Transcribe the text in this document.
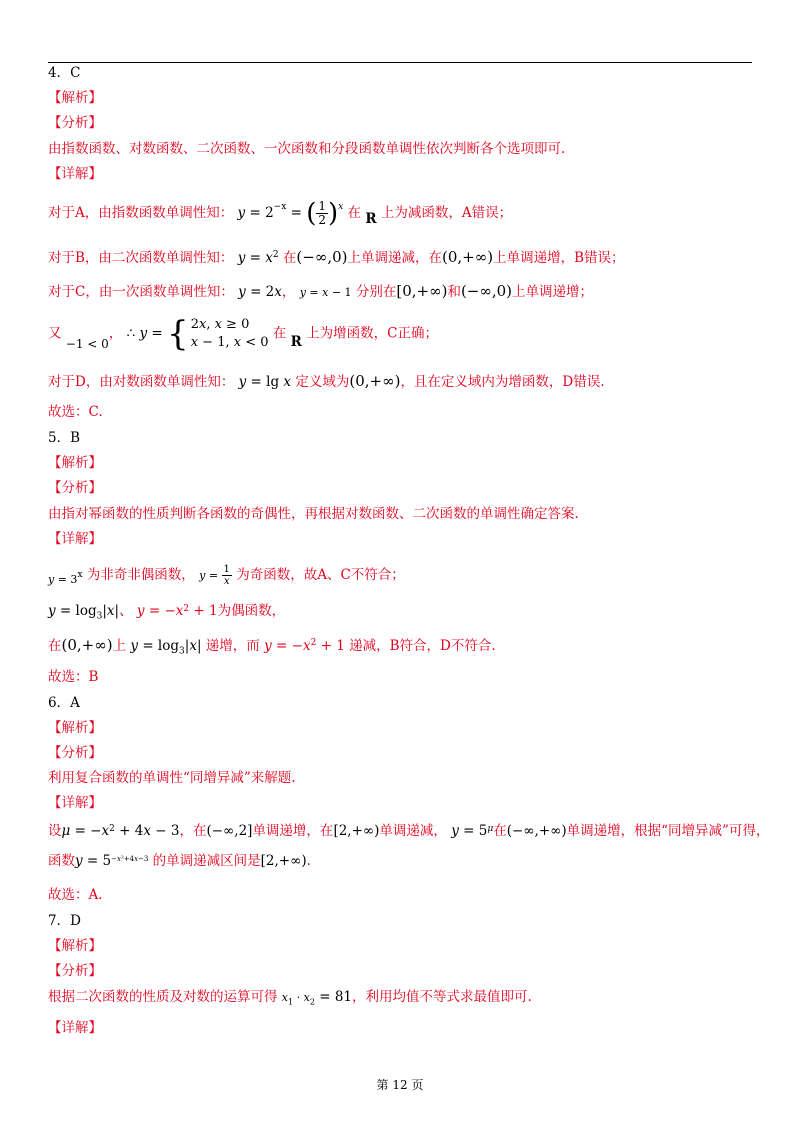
4．C
【解析】
【分析】
由指数函数、对数函数、二次函数、一次函数和分段函数单调性依次判断各个选项即可.
【详解】
对于A，由指数函数单调性知： $y = 2^{-x}$ = ( $\frac{1}{2} )^x$ 在 R 上为减函数，A错误；
对于B，由二次函数单调性知： $y = x^2$ 在(−∞,0)上单调递减，在(0,+∞)上单调递增，B错误；
对于C，由一次函数单调性知： y = 2x， y = x − 1 分别在[0,+∞)和(−∞,0)上单调递增；
又 −1 < 0， ∴ y = { 2x, x ≥ 0
x − 1, x < 0
在 R 上为增函数，C正确；
对于D，由对数函数单调性知： y = lg x 定义域为(0,+∞)，且在定义域内为增函数，D错误.
故选：C.
5．B
【解析】
【分析】
由指对幂函数的性质判断各函数的奇偶性，再根据对数函数、二次函数的单调性确定答案.
【详解】
$_y$ $_{= 3^x}$ 为非奇非偶函数， $y = \frac{1}{x}$ 为奇函数，故A、C不符合；
$y = \log_3|x|$、 $y = -x^2 + 1$为偶函数，
在(0,+∞)上 $y = \log_3|x|$ 递增，而 $y = -x^2 + 1$ 递减，B符合，D不符合.
故选：B
6．A
【解析】
【分析】
利用复合函数的单调性“同增异减”来解题.
【详解】
设$\mu = -x^2 + 4x - 3$，在(−∞,2]单调递增，在[2,+∞)单调递减， $y = 5^\mu$在(−∞,+∞)单调递增，根据“同增异减”可得，
函数$y = 5^{-x^2+4x-3}$ 的单调递减区间是[2,+∞).
故选：A.
7．D
【解析】
【分析】
根据二次函数的性质及对数的运算可得 $x_1 \cdot x_2 = 81$，利用均值不等式求最值即可.
【详解】
第 12 页
